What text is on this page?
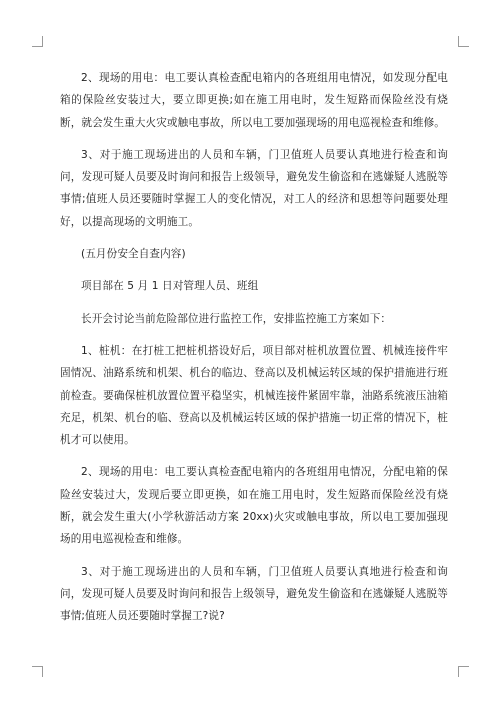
2、现场的用电：电工要认真检查配电箱内的各班组用电情况，如发现分配电箱的保险丝安装过大，要立即更换;如在施工用电时，发生短路而保险丝没有烧断，就会发生重大火灾或触电事故，所以电工要加强现场的用电巡视检查和维修。

3、对于施工现场进出的人员和车辆，门卫值班人员要认真地进行检查和询问，发现可疑人员要及时询问和报告上级领导，避免发生偷盗和在逃嫌疑人逃脱等事情;值班人员还要随时掌握工人的变化情况，对工人的经济和思想等问题要处理好，以提高现场的文明施工。

(五月份安全自查内容)

项目部在 5 月 1 日对管理人员、班组

长开会讨论当前危险部位进行监控工作，安排监控施工方案如下：

1、桩机：在打桩工把桩机搭设好后，项目部对桩机放置位置、机械连接件牢固情况、油路系统和机架、机台的临边、登高以及机械运转区域的保护措施进行班前检查。要确保桩机放置位置平稳坚实，机械连接件紧固牢靠，油路系统液压油箱充足，机架、机台的临、登高以及机械运转区域的保护措施一切正常的情况下，桩机才可以使用。

2、现场的用电：电工要认真检查配电箱内的各班组用电情况，分配电箱的保险丝安装过大，发现后要立即更换，如在施工用电时，发生短路而保险丝没有烧断，就会发生重大(小学秋游活动方案 20xx)火灾或触电事故，所以电工要加强现场的用电巡视检查和维修。

3、对于施工现场进出的人员和车辆，门卫值班人员要认真地进行检查和询问，发现可疑人员要及时询问和报告上级领导，避免发生偷盗和在逃嫌疑人逃脱等事情;值班人员还要随时掌握工?说?
